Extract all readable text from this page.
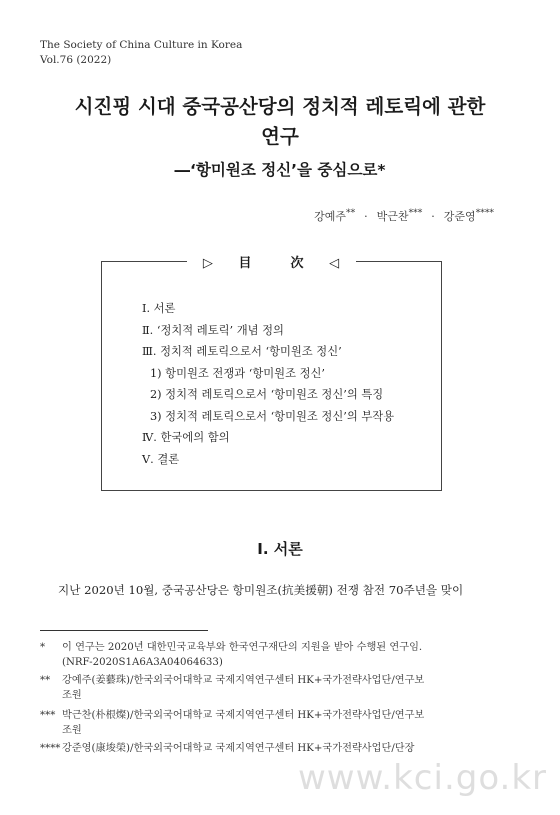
The Society of China Culture in Korea
Vol.76 (2022)
시진핑 시대 중국공산당의 정치적 레토릭에 관한
연구
―‘항미원조 정신’을 중심으로*
강예주** · 박근찬*** · 강준영****
▷ 目	次 ◁
Ⅰ. 서론
Ⅱ. ‘정치적 레토릭’ 개념 정의
Ⅲ. 정치적 레토릭으로서 ‘항미원조 정신’
1) 항미원조 전쟁과 ‘항미원조 정신’
2) 정치적 레토릭으로서 ‘항미원조 정신’의 특징
3) 정치적 레토릭으로서 ‘항미원조 정신’의 부작용
Ⅳ. 한국에의 함의
Ⅴ. 결론
Ⅰ. 서론
지난 2020년 10월, 중국공산당은 항미원조(抗美援朝) 전쟁 참전 70주년을 맞이
* 이 연구는 2020년 대한민국교육부와 한국연구재단의 지원을 받아 수행된 연구임.
(NRF-2020S1A6A3A04064633)
** 강예주(姜藝珠)/한국외국어대학교 국제지역연구센터 HK+국가전략사업단/연구보
조원
*** 박근찬(朴根燦)/한국외국어대학교 국제지역연구센터 HK+국가전략사업단/연구보
조원
**** 강준영(康埈榮)/한국외국어대학교 국제지역연구센터 HK+국가전략사업단/단장
www.kci.go.kr
